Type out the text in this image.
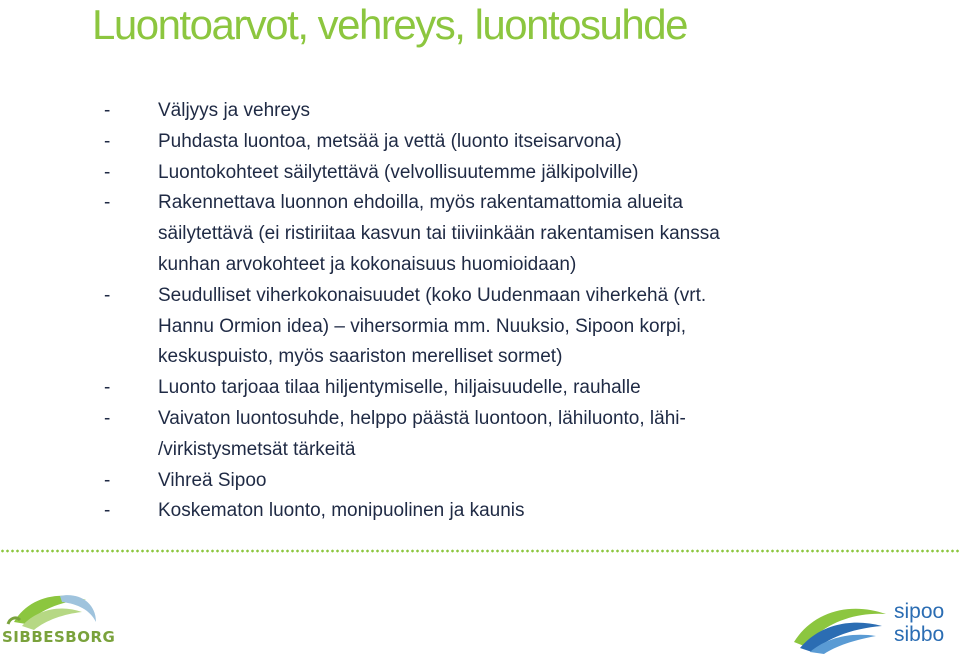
Luontoarvot, vehreys, luontosuhde
-	Väljyys ja vehreys
-	Puhdasta luontoa, metsää ja vettä (luonto itseisarvona)
-	Luontokohteet säilytettävä (velvollisuutemme jälkipolville)
-	Rakennettava luonnon ehdoilla, myös rakentamattomia alueita
säilytettävä (ei ristiriitaa kasvun tai tiiviinkään rakentamisen kanssa
kunhan arvokohteet ja kokonaisuus huomioidaan)
-	Seudulliset viherkokonaisuudet (koko Uudenmaan viherkehä (vrt.
Hannu Ormion idea) – vihersormia mm. Nuuksio, Sipoon korpi,
keskuspuisto, myös saariston merelliset sormet)
-	Luonto tarjoaa tilaa hiljentymiselle, hiljaisuudelle, rauhalle
-	Vaivaton luontosuhde, helppo päästä luontoon, lähiluonto, lähi-
/virkistysmetsät tärkeitä
-	Vihreä Sipoo
-	Koskematon luonto, monipuolinen ja kaunis
SIBBESBORG
sipoo
sibbo
